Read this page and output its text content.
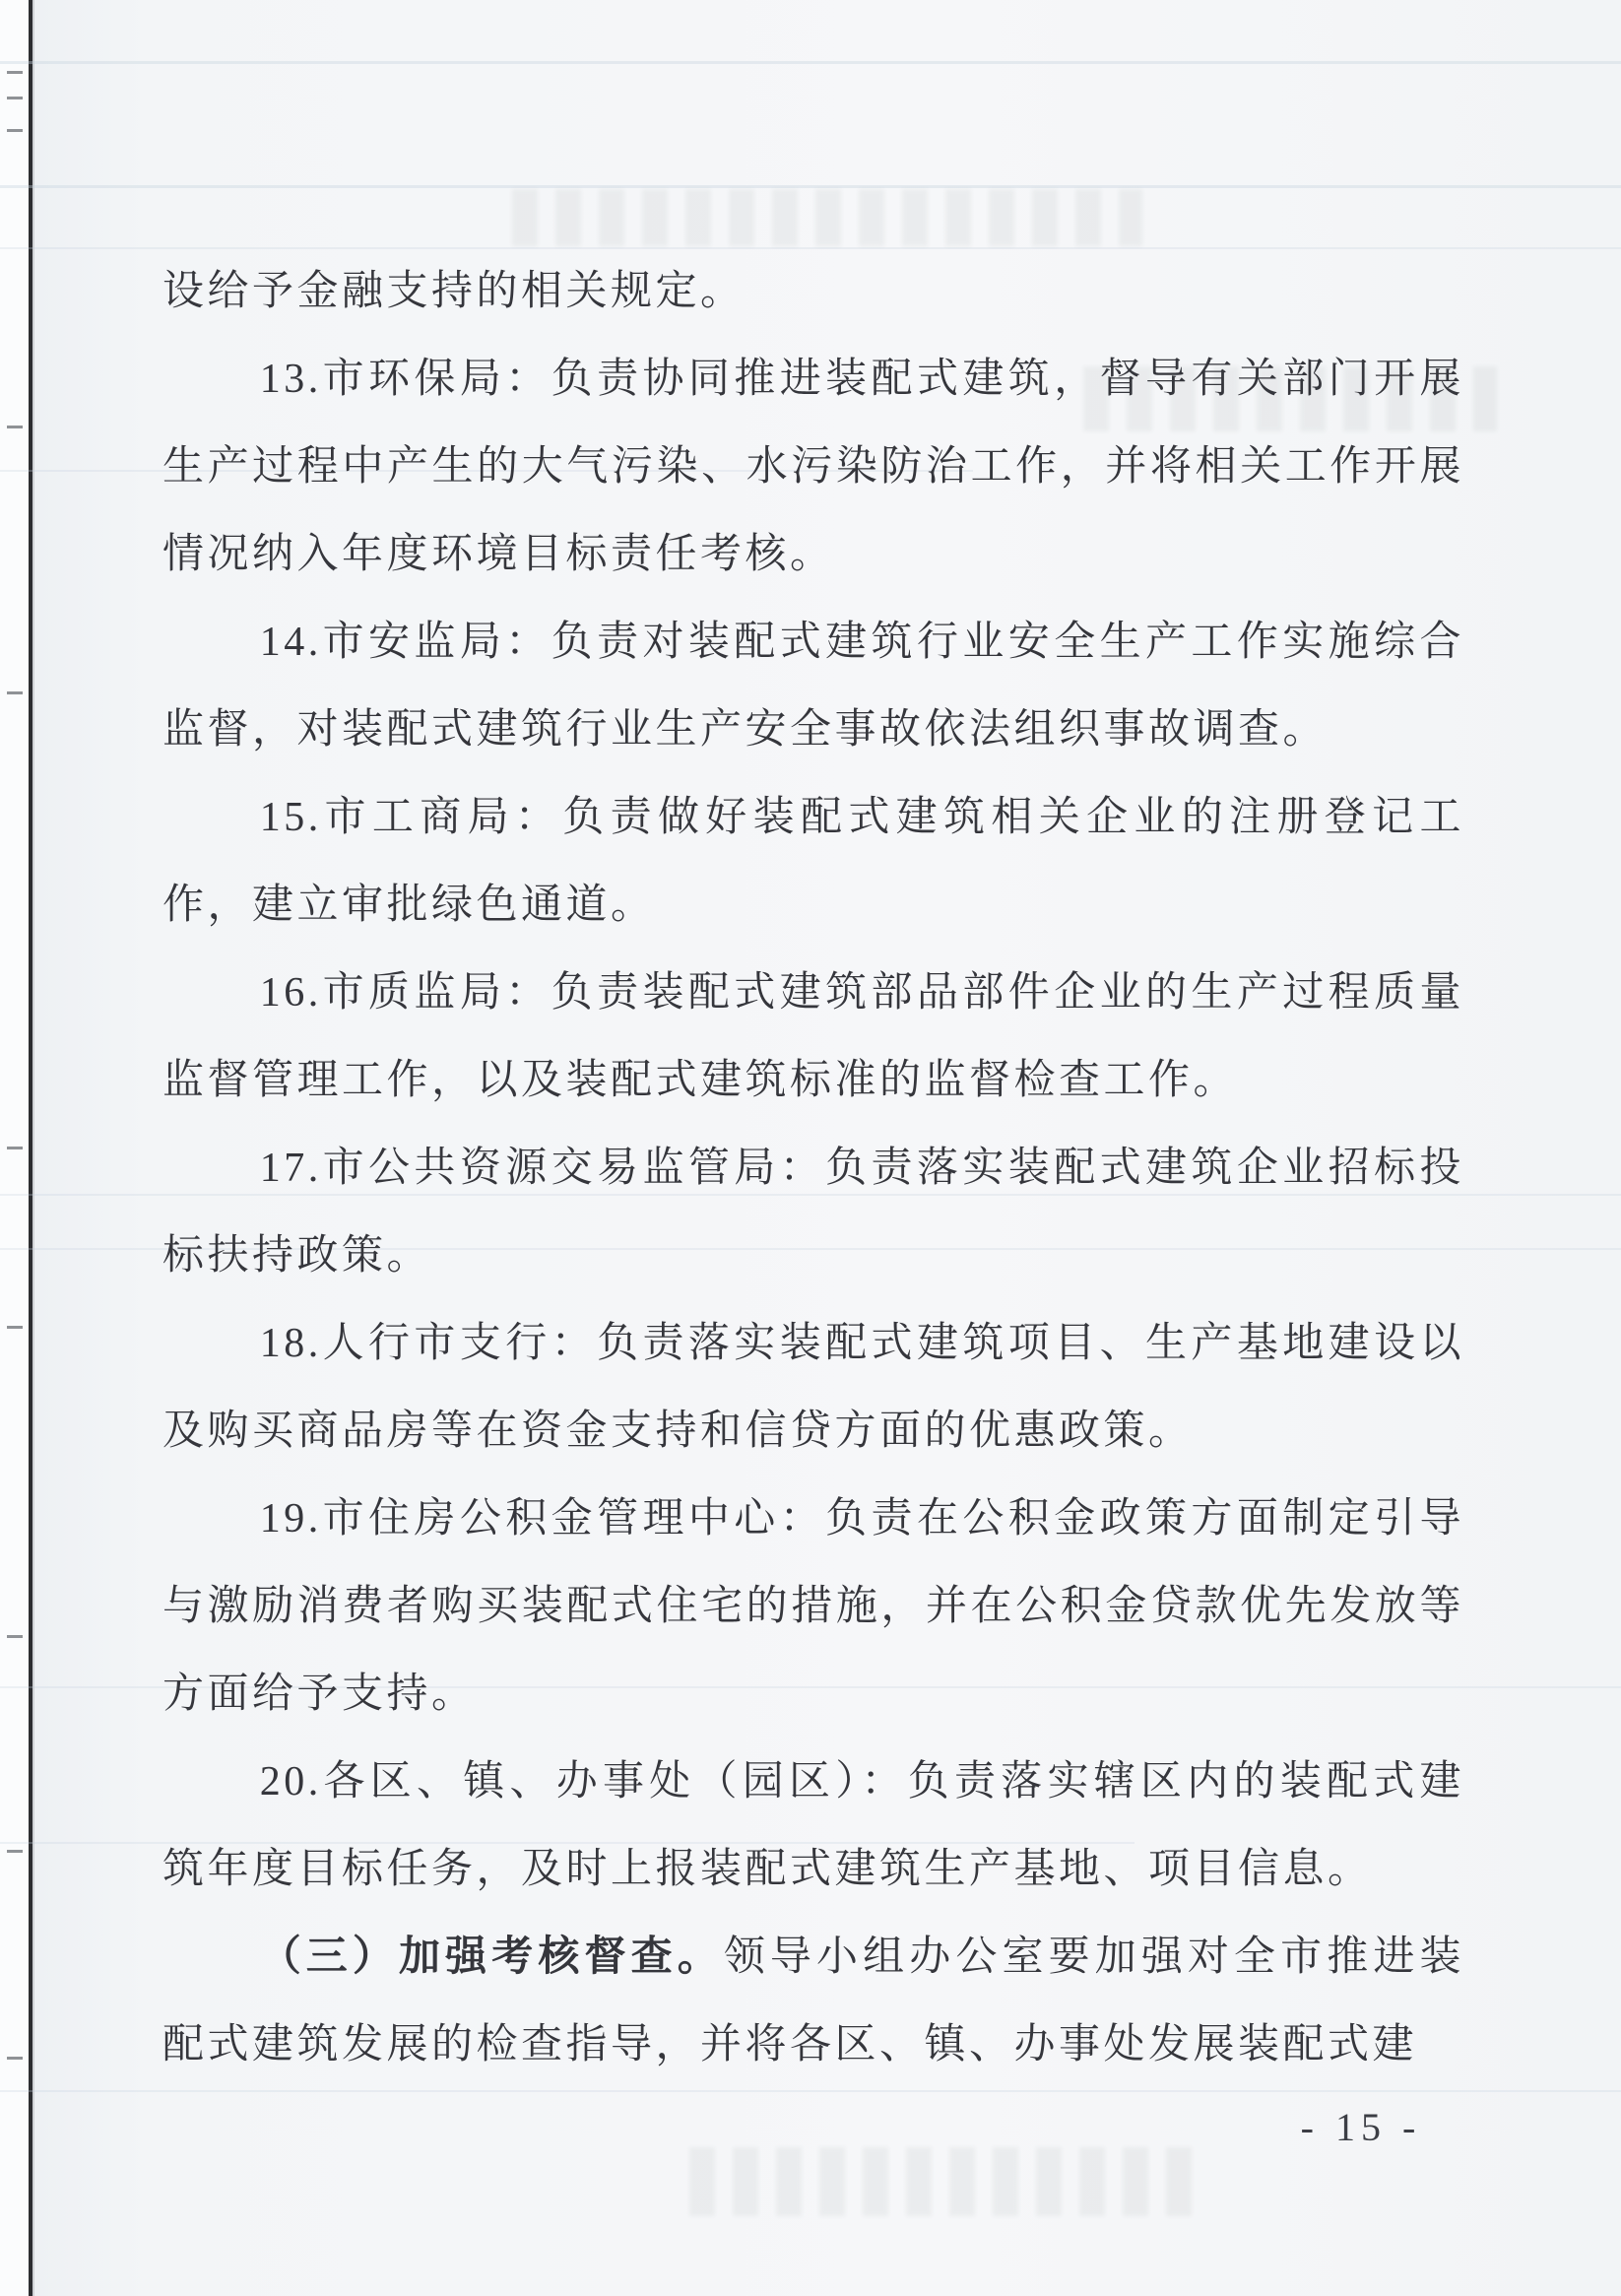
设给予金融支持的相关规定。

13.市环保局：负责协同推进装配式建筑，督导有关部门开展生产过程中产生的大气污染、水污染防治工作，并将相关工作开展情况纳入年度环境目标责任考核。

14.市安监局：负责对装配式建筑行业安全生产工作实施综合监督，对装配式建筑行业生产安全事故依法组织事故调查。

15.市工商局：负责做好装配式建筑相关企业的注册登记工作，建立审批绿色通道。

16.市质监局：负责装配式建筑部品部件企业的生产过程质量监督管理工作，以及装配式建筑标准的监督检查工作。

17.市公共资源交易监管局：负责落实装配式建筑企业招标投标扶持政策。

18.人行市支行：负责落实装配式建筑项目、生产基地建设以及购买商品房等在资金支持和信贷方面的优惠政策。

19.市住房公积金管理中心：负责在公积金政策方面制定引导与激励消费者购买装配式住宅的措施，并在公积金贷款优先发放等方面给予支持。

20.各区、镇、办事处（园区）：负责落实辖区内的装配式建筑年度目标任务，及时上报装配式建筑生产基地、项目信息。

（三）加强考核督查。领导小组办公室要加强对全市推进装配式建筑发展的检查指导，并将各区、镇、办事处发展装配式建

- 15 -
